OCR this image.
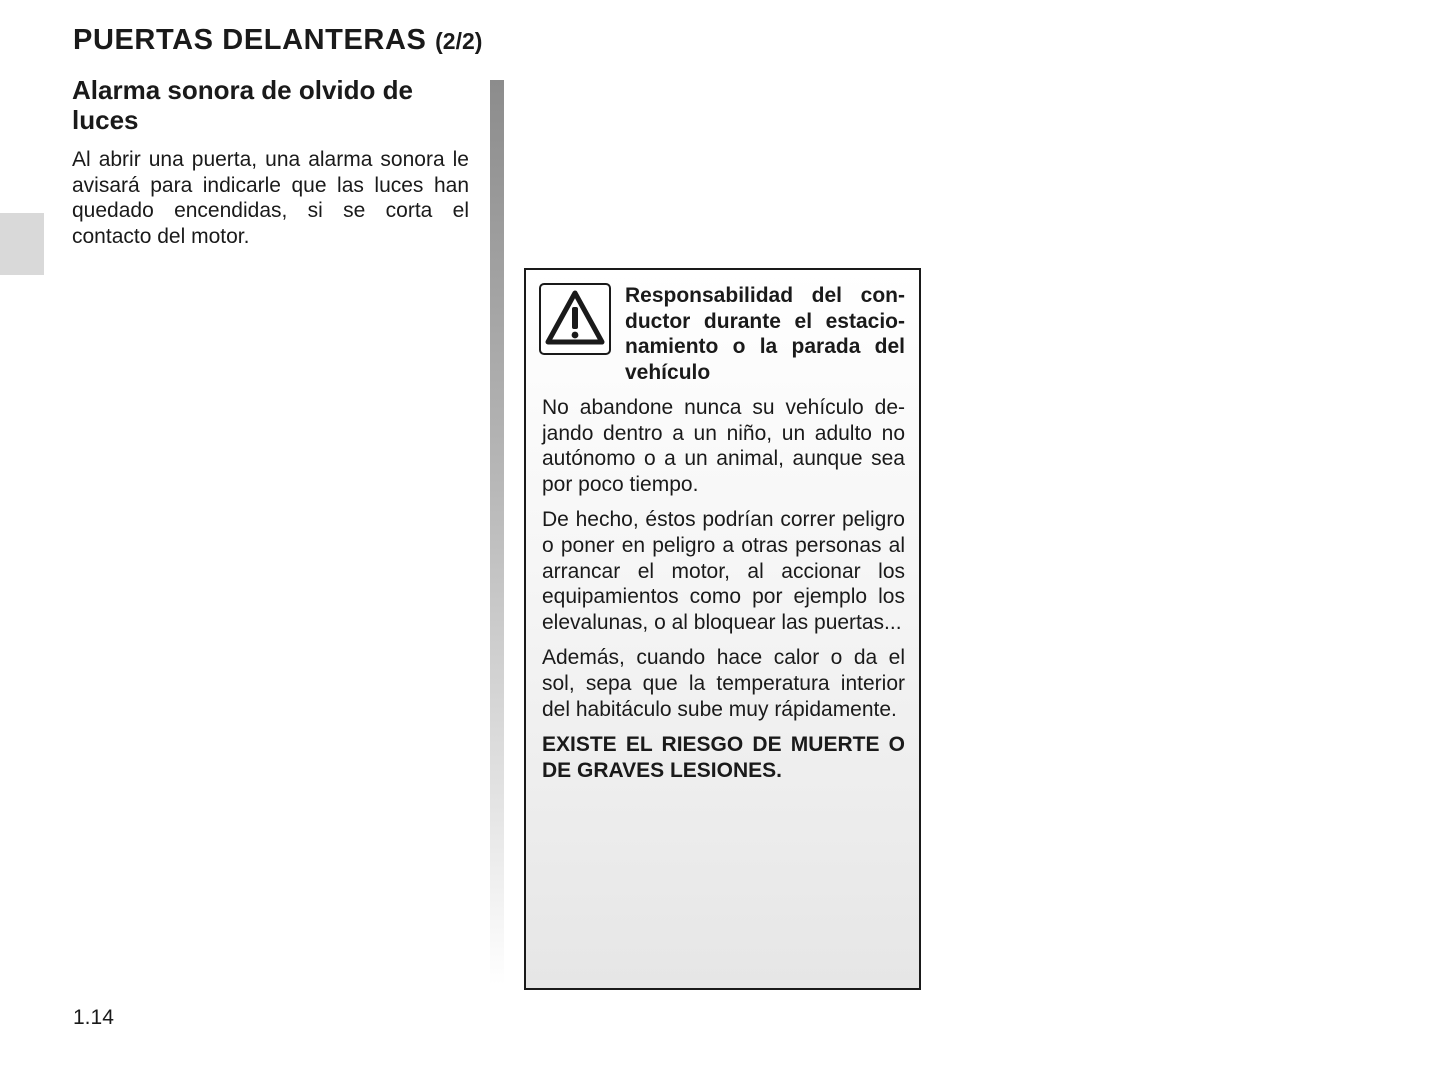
PUERTAS DELANTERAS (2/2)
Alarma sonora de olvido de luces

Al abrir una puerta, una alarma sonora le avisará para indicarle que las luces han quedado encendidas, si se corta el contacto del motor.

Responsabilidad del conductor durante el estacionamiento o la parada del vehículo

No abandone nunca su vehículo dejando dentro a un niño, un adulto no autónomo o a un animal, aunque sea por poco tiempo.

De hecho, éstos podrían correr peligro o poner en peligro a otras personas al arrancar el motor, al accionar los equipamientos como por ejemplo los elevalunas, o al bloquear las puertas...

Además, cuando hace calor o da el sol, sepa que la temperatura interior del habitáculo sube muy rápidamente.

EXISTE EL RIESGO DE MUERTE O DE GRAVES LESIONES.

1.14
